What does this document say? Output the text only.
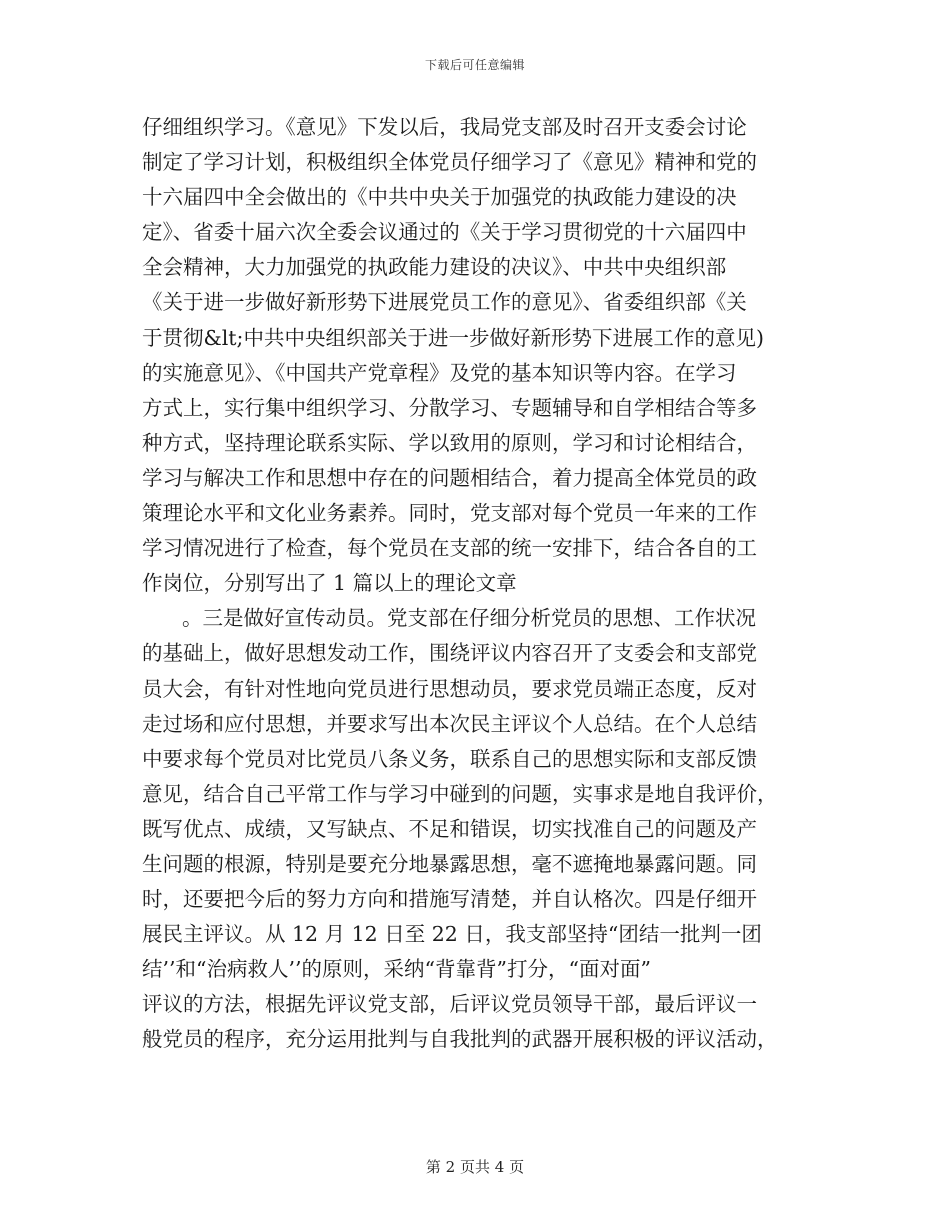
下载后可任意编辑
仔细组织学习。《意见》下发以后，我局党支部及时召开支委会讨论
制定了学习计划，积极组织全体党员仔细学习了《意见》精神和党的
十六届四中全会做出的《中共中央关于加强党的执政能力建设的决
定》、省委十届六次全委会议通过的《关于学习贯彻党的十六届四中
全会精神，大力加强党的执政能力建设的决议》、中共中央组织部
《关于进一步做好新形势下进展党员工作的意见》、省委组织部《关
于贯彻&lt;中共中央组织部关于进一步做好新形势下进展工作的意见)
的实施意见》、《中国共产党章程》及党的基本知识等内容。在学习
方式上，实行集中组织学习、分散学习、专题辅导和自学相结合等多
种方式，坚持理论联系实际、学以致用的原则，学习和讨论相结合，
学习与解决工作和思想中存在的问题相结合，着力提高全体党员的政
策理论水平和文化业务素养。同时，党支部对每个党员一年来的工作
学习情况进行了检查，每个党员在支部的统一安排下，结合各自的工
作岗位，分别写出了 1 篇以上的理论文章
。三是做好宣传动员。党支部在仔细分析党员的思想、工作状况
的基础上，做好思想发动工作，围绕评议内容召开了支委会和支部党
员大会，有针对性地向党员进行思想动员，要求党员端正态度，反对
走过场和应付思想，并要求写出本次民主评议个人总结。在个人总结
中要求每个党员对比党员八条义务，联系自己的思想实际和支部反馈
意见，结合自己平常工作与学习中碰到的问题，实事求是地自我评价，
既写优点、成绩，又写缺点、不足和错误，切实找准自己的问题及产
生问题的根源，特别是要充分地暴露思想，毫不遮掩地暴露问题。同
时，还要把今后的努力方向和措施写清楚，并自认格次。四是仔细开
展民主评议。从 12 月 12 日至 22 日，我支部坚持“团结一批判一团
结’’和“治病救人’’的原则，采纳“背靠背”打分，“面对面”
评议的方法，根据先评议党支部，后评议党员领导干部，最后评议一
般党员的程序，充分运用批判与自我批判的武器开展积极的评议活动，
第 2 页共 4 页
